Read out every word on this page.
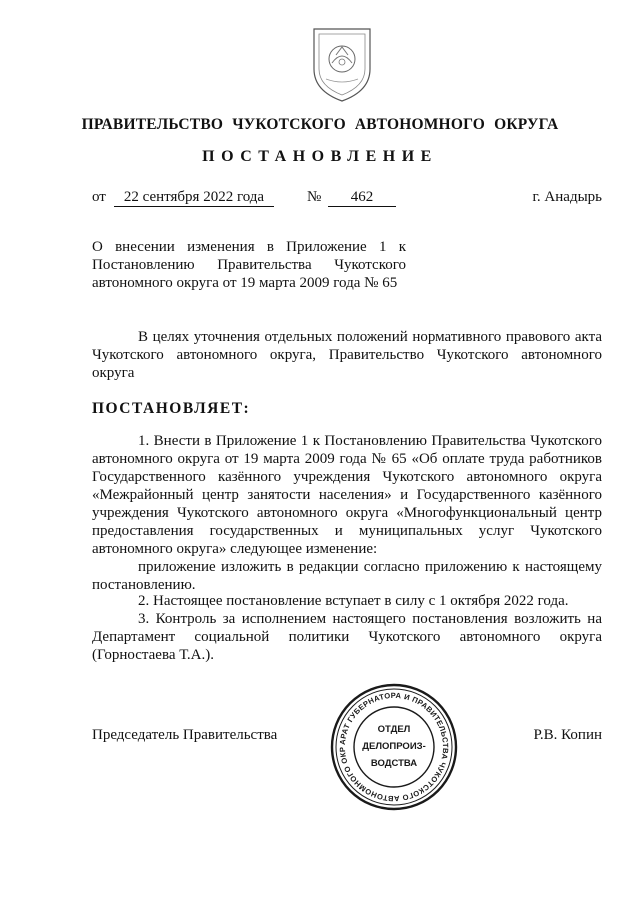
ПРАВИТЕЛЬСТВО ЧУКОТСКОГО АВТОНОМНОГО ОКРУГА
ПОСТАНОВЛЕНИЕ
от	22 сентября 2022 года	№	462	г. Анадырь
О внесении изменения в Приложение 1 к Постановлению Правительства Чукотского автономного округа от 19 марта 2009 года № 65
В целях уточнения отдельных положений нормативного правового акта Чукотского автономного округа, Правительство Чукотского автономного округа
ПОСТАНОВЛЯЕТ:
1. Внести в Приложение 1 к Постановлению Правительства Чукотского автономного округа от 19 марта 2009 года № 65 «Об оплате труда работников Государственного казённого учреждения Чукотского автономного округа «Межрайонный центр занятости населения» и Государственного казённого учреждения Чукотского автономного округа «Многофункциональный центр предоставления государственных и муниципальных услуг Чукотского автономного округа» следующее изменение:
приложение изложить в редакции согласно приложению к настоящему постановлению.
2. Настоящее постановление вступает в силу с 1 октября 2022 года.
3. Контроль за исполнением настоящего постановления возложить на Департамент социальной политики Чукотского автономного округа (Горностаева Т.А.).
Председатель Правительства	Р.В. Копин
АРАТ ГУБЕРНАТОРА И ПРАВИТЕЛЬСТВА ЧУКОТСКОГО АВТОНОМНОГО ОКР
ОТДЕЛ
ДЕЛОПРОИЗ-
ВОДСТВА
